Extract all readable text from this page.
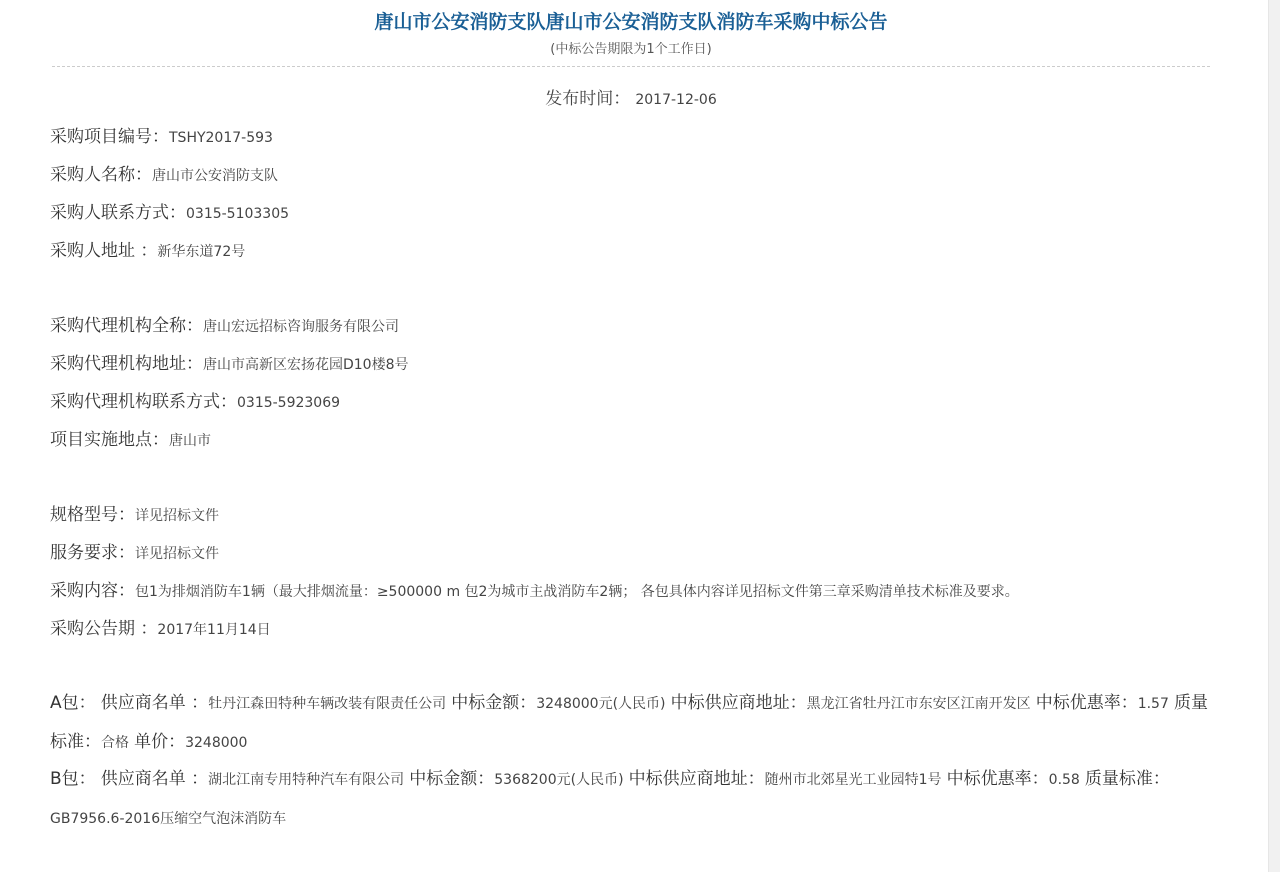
唐山市公安消防支队唐山市公安消防支队消防车采购中标公告
(中标公告期限为1个工作日)
发布时间： 2017-12-06
采购项目编号：TSHY2017-593
采购人名称：唐山市公安消防支队
采购人联系方式：0315-5103305
采购人地址 ：新华东道72号
采购代理机构全称：唐山宏远招标咨询服务有限公司
采购代理机构地址：唐山市高新区宏扬花园D10楼8号
采购代理机构联系方式：0315-5923069
项目实施地点：唐山市
规格型号：详见招标文件
服务要求：详见招标文件
采购内容：包1为排烟消防车1辆（最大排烟流量：≥500000 m 包2为城市主战消防车2辆； 各包具体内容详见招标文件第三章采购清单技术标准及要求。
采购公告期 ：2017年11月14日
A包： 供应商名单 ：牡丹江森田特种车辆改装有限责任公司 中标金额：3248000元(人民币) 中标供应商地址：黑龙江省牡丹江市东安区江南开发区 中标优惠率：1.57 质量标准：合格 单价：3248000
B包： 供应商名单 ：湖北江南专用特种汽车有限公司 中标金额：5368200元(人民币) 中标供应商地址：随州市北郊星光工业园特1号 中标优惠率：0.58 质量标准：GB7956.6-2016压缩空气泡沫消防车
